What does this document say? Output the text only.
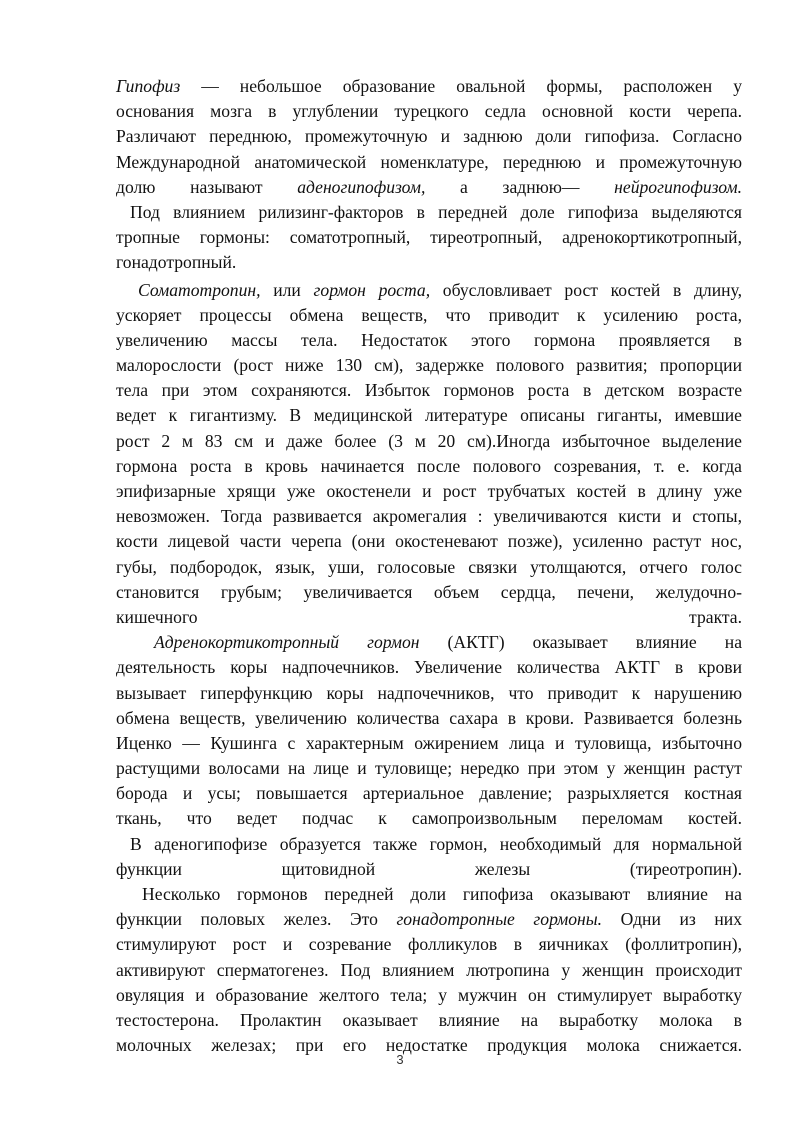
Гипофиз — небольшое образование овальной формы, расположен у
основания мозга в углублении турецкого седла основной кости черепа.
Различают переднюю, промежуточную и заднюю доли гипофиза. Согласно
Международной анатомической номенклатуре, переднюю и промежуточную
долю называют аденогипофизом, а заднюю— нейрогипофизом.
Под влиянием рилизинг-факторов в передней доле гипофиза выделяются
тропные гормоны: соматотропный, тиреотропный, адренокортикотропный,
гонадотропный.
Соматотропин, или гормон роста, обусловливает рост костей в длину,
ускоряет процессы обмена веществ, что приводит к усилению роста,
увеличению массы тела. Недостаток этого гормона проявляется в
малорослости (рост ниже 130 см), задержке полового развития; пропорции
тела при этом сохраняются. Избыток гормонов роста в детском возрасте
ведет к гигантизму. В медицинской литературе описаны гиганты, имевшие
рост 2 м 83 см и даже более (3 м 20 см).Иногда избыточное выделение
гормона роста в кровь начинается после полового созревания, т. е. когда
эпифизарные хрящи уже окостенели и рост трубчатых костей в длину уже
невозможен. Тогда развивается акромегалия : увеличиваются кисти и стопы,
кости лицевой части черепа (они окостеневают позже), усиленно растут нос,
губы, подбородок, язык, уши, голосовые связки утолщаются, отчего голос
становится грубым; увеличивается объем сердца, печени, желудочно-
кишечного тракта.
Адренокортикотропный гормон (АКТГ) оказывает влияние на
деятельность коры надпочечников. Увеличение количества АКТГ в крови
вызывает гиперфункцию коры надпочечников, что приводит к нарушению
обмена веществ, увеличению количества сахара в крови. Развивается болезнь
Иценко — Кушинга с характерным ожирением лица и туловища, избыточно
растущими волосами на лице и туловище; нередко при этом у женщин растут
борода и усы; повышается артериальное давление; разрыхляется костная
ткань, что ведет подчас к самопроизвольным переломам костей.
В аденогипофизе образуется также гормон, необходимый для нормальной
функции щитовидной железы (тиреотропин).
Несколько гормонов передней доли гипофиза оказывают влияние на
функции половых желез. Это гонадотропные гормоны. Одни из них
стимулируют рост и созревание фолликулов в яичниках (фоллитропин),
активируют сперматогенез. Под влиянием лютропина у женщин происходит
овуляция и образование желтого тела; у мужчин он стимулирует выработку
тестостерона. Пролактин оказывает влияние на выработку молока в
молочных железах; при его недостатке продукция молока снижается.
3
